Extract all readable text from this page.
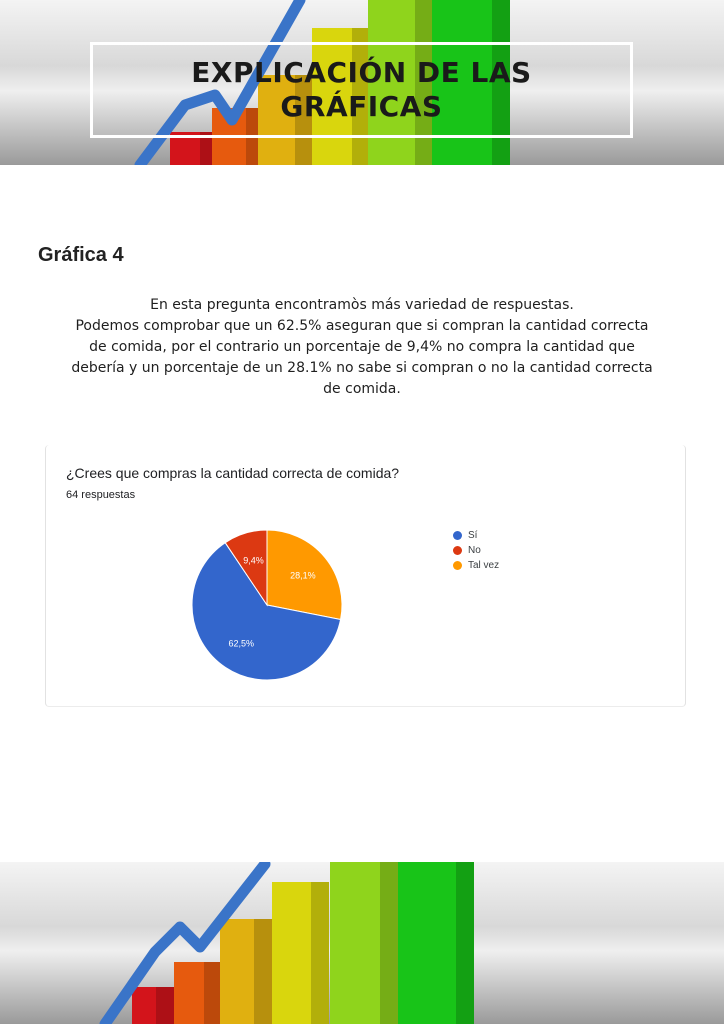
EXPLICACIÓN DE LAS
GRÁFICAS
Gráfica 4
En esta pregunta encontramòs más variedad de respuestas.
Podemos comprobar que un 62.5% aseguran que si compran la cantidad correcta
de comida, por el contrario un porcentaje de 9,4% no compra la cantidad que
debería y un porcentaje de un 28.1% no sabe si compran o no la cantidad correcta
de comida.
¿Crees que compras la cantidad correcta de comida?
64 respuestas
28,1%
62,5%
9,4%
Sí
No
Tal vez
